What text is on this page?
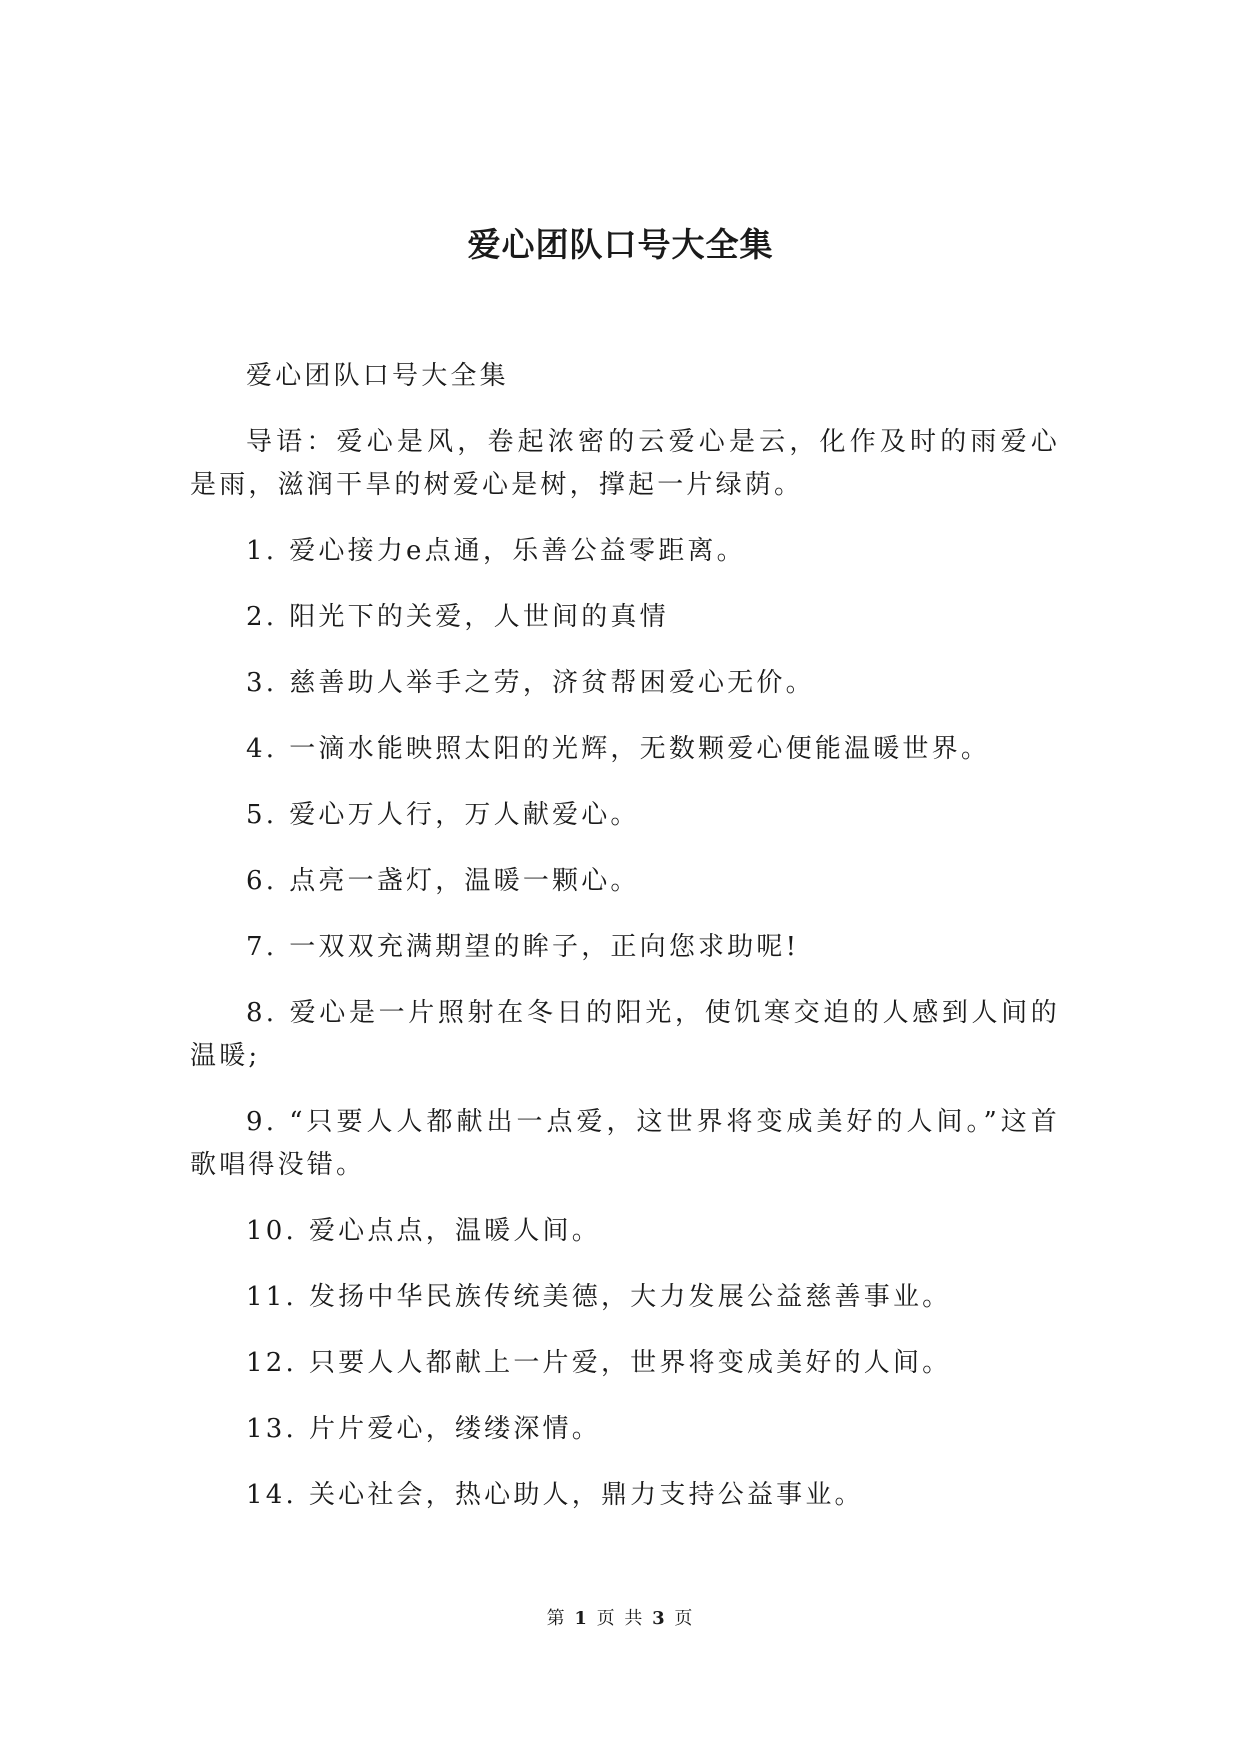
爱心团队口号大全集

爱心团队口号大全集

导语：爱心是风，卷起浓密的云爱心是云，化作及时的雨爱心是雨，滋润干旱的树爱心是树，撑起一片绿荫。

1. 爱心接力e点通，乐善公益零距离。

2. 阳光下的关爱，人世间的真情

3. 慈善助人举手之劳，济贫帮困爱心无价。

4. 一滴水能映照太阳的光辉，无数颗爱心便能温暖世界。

5. 爱心万人行，万人献爱心。

6. 点亮一盏灯，温暖一颗心。

7. 一双双充满期望的眸子，正向您求助呢!

8. 爱心是一片照射在冬日的阳光，使饥寒交迫的人感到人间的温暖;

9. “只要人人都献出一点爱，这世界将变成美好的人间。”这首歌唱得没错。

10. 爱心点点，温暖人间。

11. 发扬中华民族传统美德，大力发展公益慈善事业。

12. 只要人人都献上一片爱，世界将变成美好的人间。

13. 片片爱心，缕缕深情。

14. 关心社会，热心助人，鼎力支持公益事业。

第 1 页 共 3 页
